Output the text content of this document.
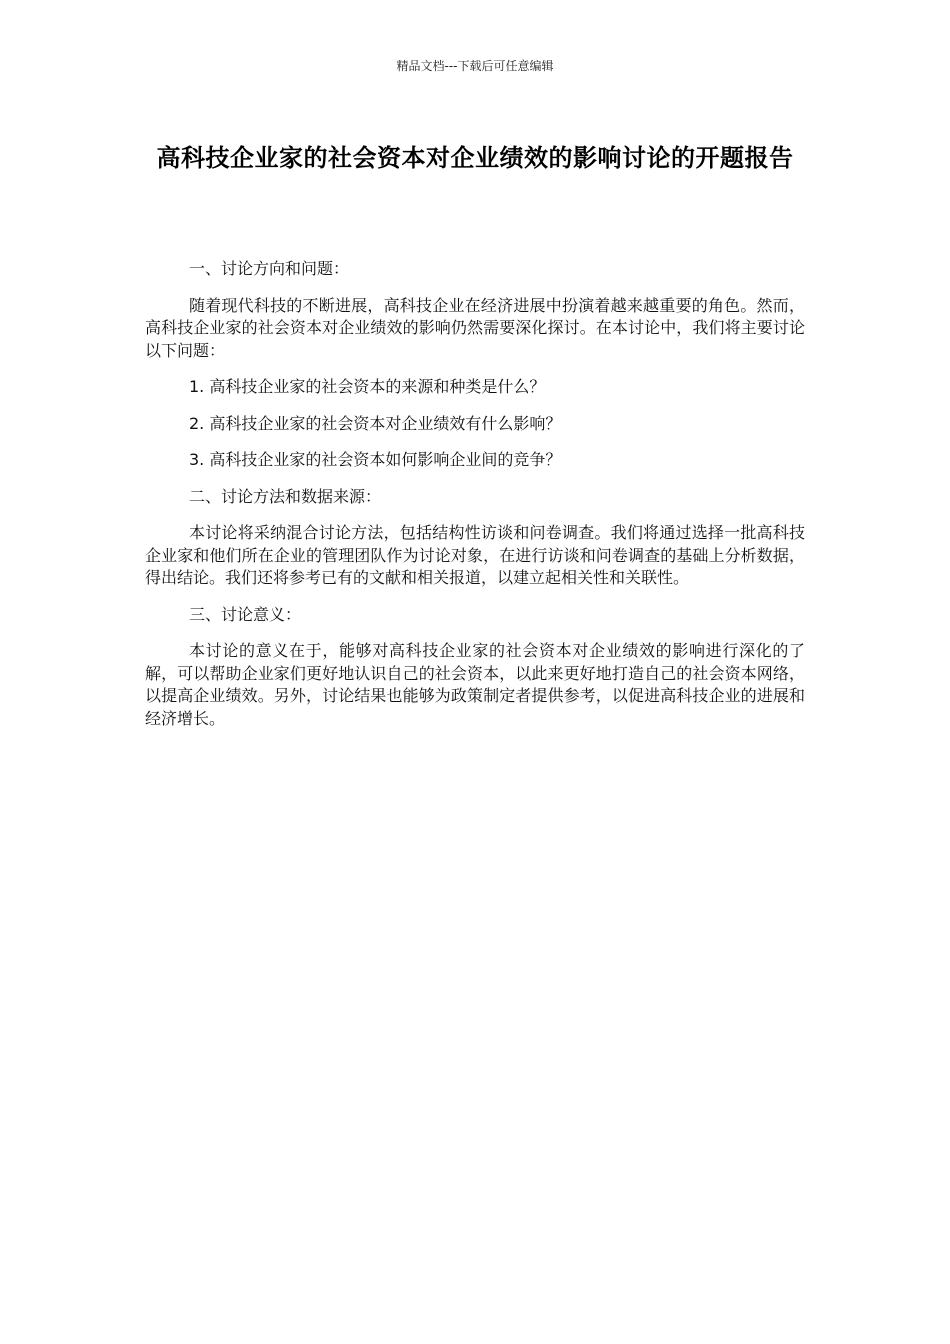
精品文档---下载后可任意编辑
高科技企业家的社会资本对企业绩效的影响讨论的开题报告

一、讨论方向和问题：

随着现代科技的不断进展，高科技企业在经济进展中扮演着越来越重要的角色。然而，高科技企业家的社会资本对企业绩效的影响仍然需要深化探讨。在本讨论中，我们将主要讨论以下问题：

1. 高科技企业家的社会资本的来源和种类是什么？

2. 高科技企业家的社会资本对企业绩效有什么影响？

3. 高科技企业家的社会资本如何影响企业间的竞争？

二、讨论方法和数据来源：

本讨论将采纳混合讨论方法，包括结构性访谈和问卷调查。我们将通过选择一批高科技企业家和他们所在企业的管理团队作为讨论对象，在进行访谈和问卷调查的基础上分析数据，得出结论。我们还将参考已有的文献和相关报道，以建立起相关性和关联性。

三、讨论意义：

本讨论的意义在于，能够对高科技企业家的社会资本对企业绩效的影响进行深化的了解，可以帮助企业家们更好地认识自己的社会资本，以此来更好地打造自己的社会资本网络，以提高企业绩效。另外，讨论结果也能够为政策制定者提供参考，以促进高科技企业的进展和经济增长。
